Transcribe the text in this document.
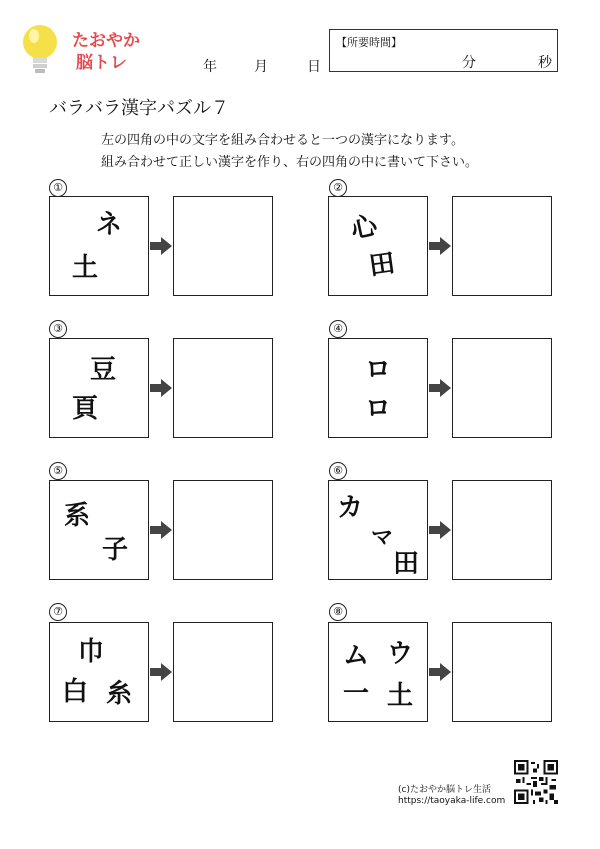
たおやか
脳トレ	年	月	日
【所要時間】
分	秒
バラバラ漢字パズル７
左の四角の中の文字を組み合わせると一つの漢字になります。
組み合わせて正しい漢字を作り、右の四角の中に書いて下さい。
①
ネ
土
②
心
田
③
豆
頁
④
ロ
ロ
⑤
系
子
⑥
カ
マ
田
⑦
巾
白 糸
⑧
ム ウ
一 土
(c)たおやか脳トレ生活
https://taoyaka-life.com
